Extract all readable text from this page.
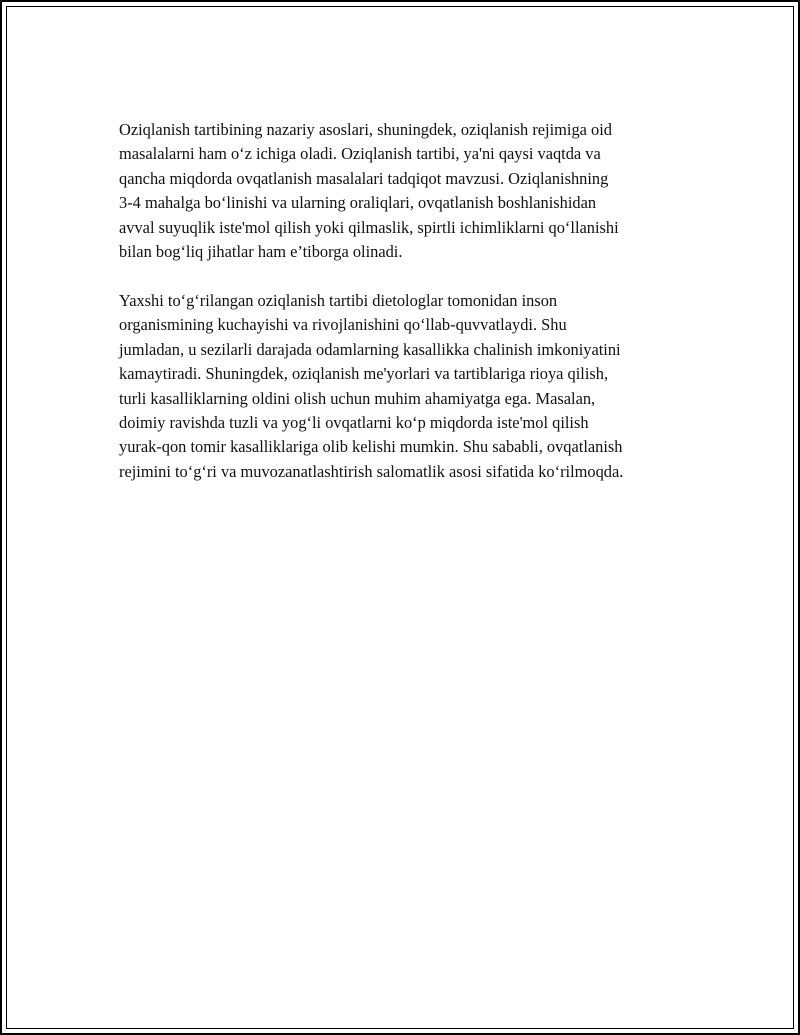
Oziqlanish tartibining nazariy asoslari, shuningdek, oziqlanish rejimiga oid
masalalarni ham o‘z ichiga oladi. Oziqlanish tartibi, ya'ni qaysi vaqtda va
qancha miqdorda ovqatlanish masalalari tadqiqot mavzusi. Oziqlanishning
3-4 mahalga bo‘linishi va ularning oraliqlari, ovqatlanish boshlanishidan
avval suyuqlik iste'mol qilish yoki qilmaslik, spirtli ichimliklarni qo‘llanishi
bilan bog‘liq jihatlar ham e’tiborga olinadi.
Yaxshi to‘g‘rilangan oziqlanish tartibi dietologlar tomonidan inson
organismining kuchayishi va rivojlanishini qo‘llab-quvvatlaydi. Shu
jumladan, u sezilarli darajada odamlarning kasallikka chalinish imkoniyatini
kamaytiradi. Shuningdek, oziqlanish me'yorlari va tartiblariga rioya qilish,
turli kasalliklarning oldini olish uchun muhim ahamiyatga ega. Masalan,
doimiy ravishda tuzli va yog‘li ovqatlarni ko‘p miqdorda iste'mol qilish
yurak-qon tomir kasalliklariga olib kelishi mumkin. Shu sababli, ovqatlanish
rejimini to‘g‘ri va muvozanatlashtirish salomatlik asosi sifatida ko‘rilmoqda.
